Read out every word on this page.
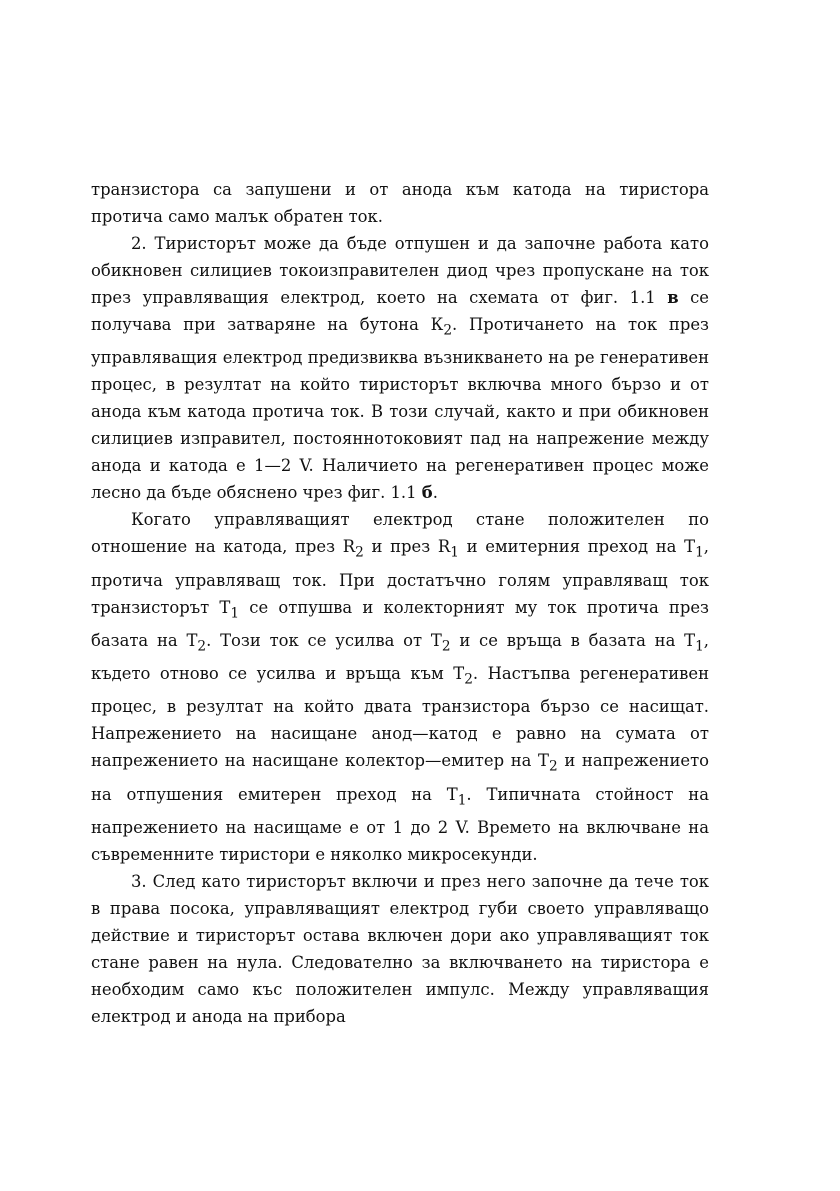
транзистора са запушени и от анода към катода на тиристора протича само малък обратен ток.

2. Тиристорът може да бъде отпушен и да започне работа като обикновен силициев токоизправителен диод чрез пропускане на ток през управляващия електрод, което на схемата от фиг. 1.1 в се получава при затваряне на бутона $К_2$. Протичането на ток през управляващия електрод предизвиква възникването на ре генеративен процес, в резултат на който тиристорът включва много бързо и от анода към катода протича ток. В този случай, както и при обикновен силициев изправител, постояннотоковият пад на напрежение между анода и катода е 1—2 V. Наличието на регенеративен процес може лесно да бъде обяснено чрез фиг. 1.1 б.

Когато управляващият електрод стане положителен по отношение на катода, през $R_2$ и през $R_1$ и емитерния преход на $Т_1$, протича управляващ ток. При достатъчно голям управляващ ток транзисторът $Т_1$ се отпушва и колекторният му ток протича през базата на $Т_2$. Този ток се усилва от $Т_2$ и се връща в базата на $Т_1$, където отново се усилва и връща към $Т_2$. Настъпва регенеративен процес, в резултат на който двата транзистора бързо се насищат. Напрежението на насищане анод—катод е равно на сумата от напрежението на насищане колектор—емитер на $Т_2$ и напрежението на отпушения емитерен преход на $Т_1$. Типичната стойност на напрежението на насищаме е от 1 до 2 V. Времето на включване на съвременните тиристори е няколко микросекунди.

3. След като тиристорът включи и през него започне да тече ток в права посока, управляващият електрод губи своето управляващо действие и тиристорът остава включен дори ако управляващият ток стане равен на нула. Следователно за включването на тиристора е необходим само къс положителен импулс. Между управляващия електрод и анода на прибора
